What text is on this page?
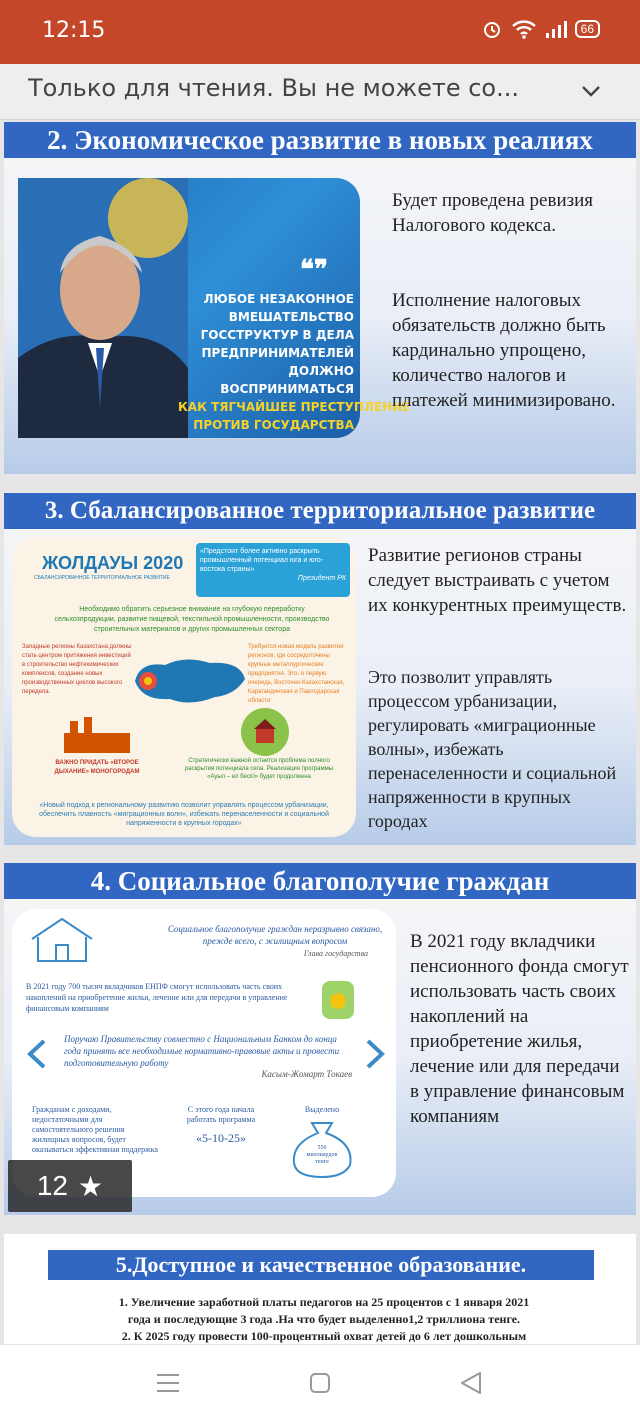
12:15	66
Только для чтения. Вы не можете со...
2. Экономическое развитие в новых реалиях
❝❞
ЛЮБОЕ НЕЗАКОННОЕ
ВМЕШАТЕЛЬСТВО
ГОССТРУКТУР В ДЕЛА
ПРЕДПРИНИМАТЕЛЕЙ
ДОЛЖНО ВОСПРИНИМАТЬСЯ
КАК ТЯГЧАЙШЕЕ ПРЕСТУПЛЕНИЕ
ПРОТИВ ГОСУДАРСТВА
Будет проведена ревизия Налогового кодекса.
Исполнение налоговых обязательств должно быть кардинально упрощено, количество налогов и платежей минимизировано.
3. Сбалансированное территориальное развитие
ЖОЛДАУЫ 2020
СБАЛАНСИРОВАННОЕ ТЕРРИТОРИАЛЬНОЕ РАЗВИТИЕ
«Предстоит более активно раскрыть промышленный потенциал юга и юго-востока страны»
Президент РК
Необходимо обратить серьезное внимание на глубокую переработку сельхозпродукции, развитие пищевой, текстильной промышленности, производство строительных материалов и других промышленных сектора
Западные регионы Казахстана должны стать центром притяжения инвестиций в строительство нефтехимических комплексов, создание новых производственных циклов высокого передела.
Требуется новая модель развития регионов, где сосредоточены крупные металлургические предприятия. Это, в первую очередь, Восточно-Казахстанская, Карагандинская и Павлодарская области
ВАЖНО ПРИДАТЬ «ВТОРОЕ ДЫХАНИЕ» МОНОГОРОДАМ
Стратегически важной остается проблема полного раскрытия потенциала села. Реализация программы «Ауыл – ел бесігі» будет продолжена
«Новый подход к региональному развитию позволит управлять процессом урбанизации, обеспечить плавность «миграционных волн», избежать перенаселенности и социальной напряженности в крупных городах»
Развитие регионов страны следует выстраивать с учетом их конкурентных преимуществ.
Это позволит управлять процессом урбанизации, регулировать «миграционные волны», избежать перенаселенности и социальной напряженности в крупных городах
4. Социальное благополучие граждан
Социальное благополучие граждан неразрывно связано, прежде всего, с жилищным вопросом
Глава государства
В 2021 году 700 тысяч вкладчиков ЕНПФ смогут использовать часть своих накоплений на приобретение жилья, лечение или для передачи в управление финансовым компаниям
Поручаю Правительству совместно с Национальным Банком до конца года принять все необходимые нормативно-правовые акты и провести подготовительную работу
Касым-Жомарт Токаев
Гражданам с доходами, недостаточными для самостоятельного решения жилищных вопросов, будет оказываться эффективная поддержка
С этого года начала работать программа
«5-10-25»
Выделено
550 миллиардов тенге
В 2021 году вкладчики пенсионного фонда смогут использовать часть своих накоплений на приобретение жилья, лечение или для передачи в управление финансовым компаниям
12 ★
5.Доступное и качественное образование.
1. Увеличение заработной платы педагогов на 25 процентов с 1 января 2021
года и последующие 3 года .На что будет выделенно1,2 триллиона тенге.
2. К 2025 году провести 100-процентный охват детей до 6 лет дошкольным
